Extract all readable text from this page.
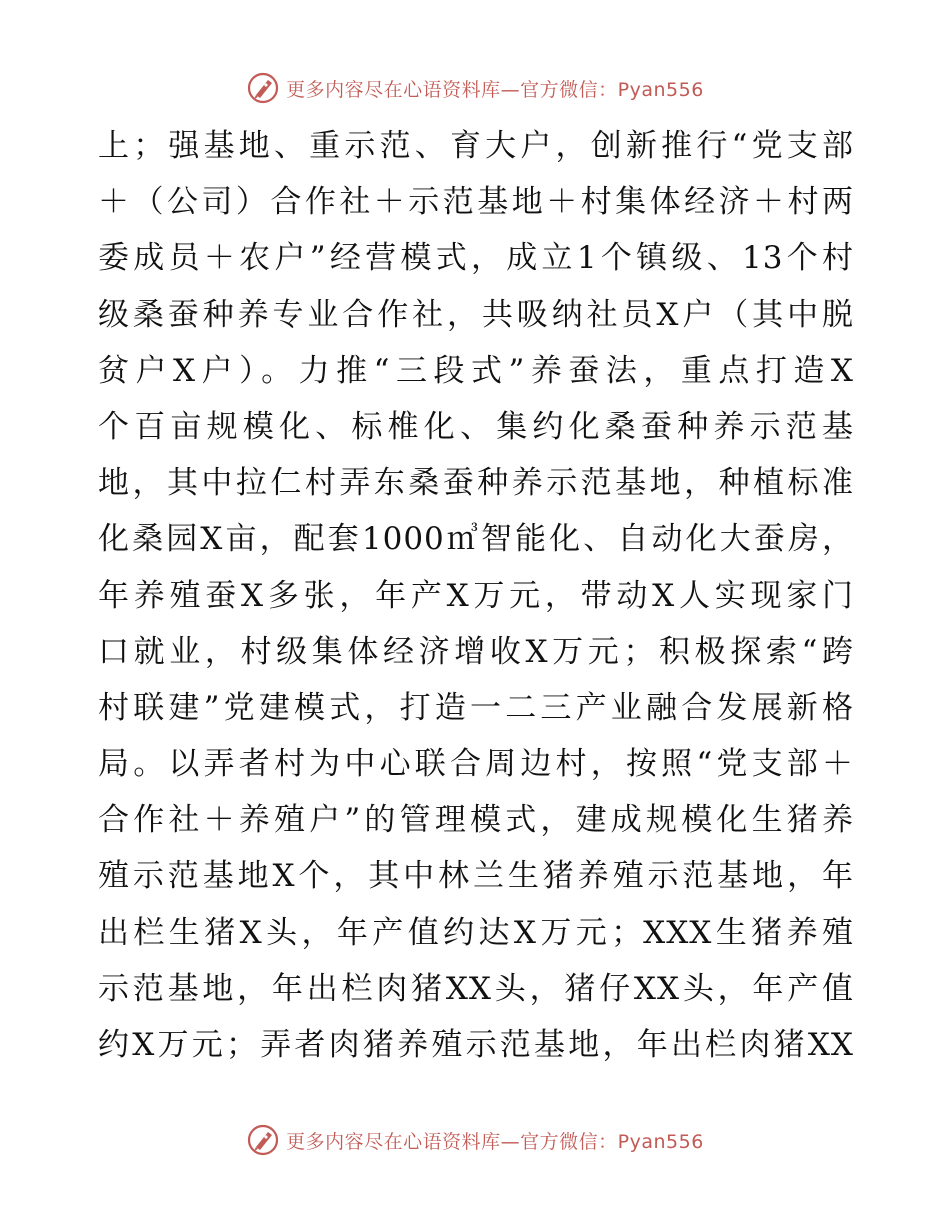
更多内容尽在心语资料库—官方微信：Pyan556
上；强基地、重示范、育大户，创新推行“党支部
＋（公司）合作社＋示范基地＋村集体经济＋村两
委成员＋农户”经营模式，成立1个镇级、13个村
级桑蚕种养专业合作社，共吸纳社员X户（其中脱
贫户X户）。力推“三段式”养蚕法，重点打造X
个百亩规模化、标椎化、集约化桑蚕种养示范基
地，其中拉仁村弄东桑蚕种养示范基地，种植标准
化桑园X亩，配套1000㎥智能化、自动化大蚕房，
年养殖蚕X多张，年产X万元，带动X人实现家门
口就业，村级集体经济增收X万元；积极探索“跨
村联建”党建模式，打造一二三产业融合发展新格
局。以弄者村为中心联合周边村，按照“党支部＋
合作社＋养殖户”的管理模式，建成规模化生猪养
殖示范基地X个，其中林兰生猪养殖示范基地，年
出栏生猪X头，年产值约达X万元；XXX生猪养殖
示范基地，年出栏肉猪XX头，猪仔XX头，年产值
约X万元；弄者肉猪养殖示范基地，年出栏肉猪XX
更多内容尽在心语资料库—官方微信：Pyan556
